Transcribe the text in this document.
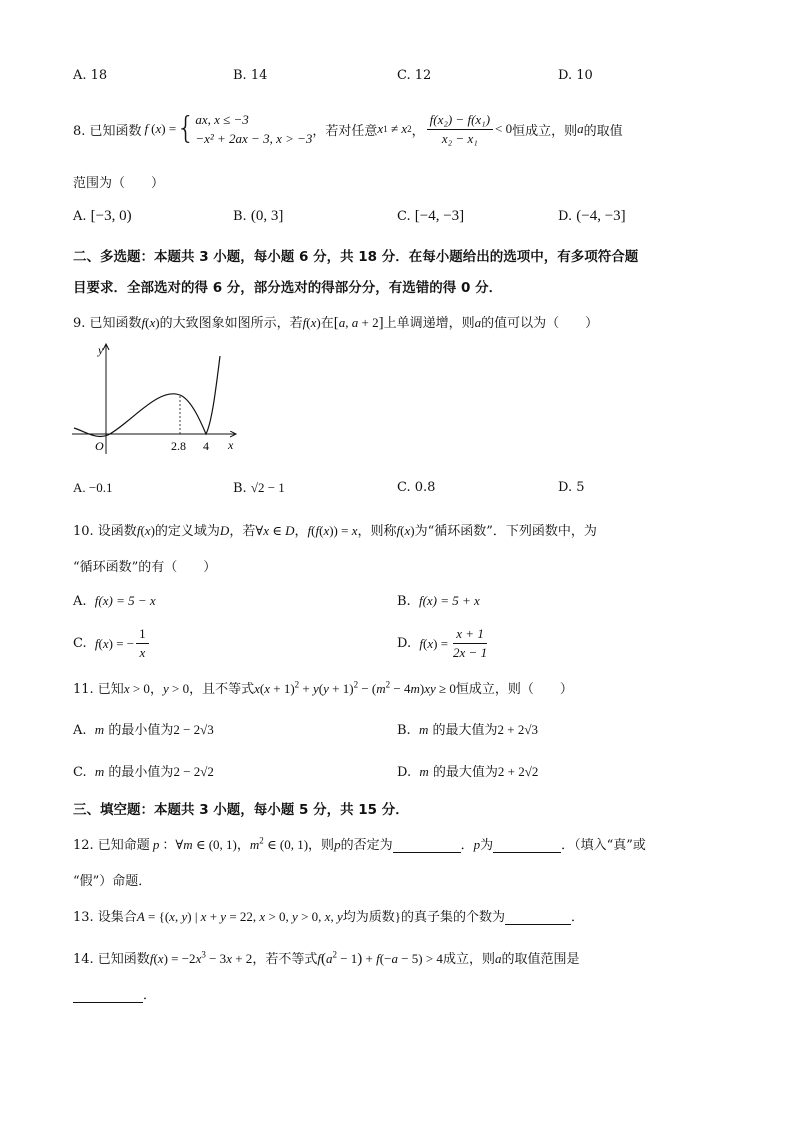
A. 18	B. 14	C. 12	D. 10
8. 已知函数 f ( x ) = { ax, x ≤ −3
−x² + 2ax − 3, x > −3 ，若对任意 x 1 ≠ x 2 ， $\frac{\text{f(x₂) − f(x₁)}}{\text{x₂ − x₁}} < 0$ 恒成立，则 a 的取值
范围为（　　）
A. [−3, 0)	B. (0, 3]	C. [−4, −3]	D. (−4, −3]
二、多选题：本题共 3 小题，每小题 6 分，共 18 分．在每小题给出的选项中，有多项符合题
目要求．全部选对的得 6 分，部分选对的得部分分，有选错的得 0 分．
9. 已知函数f(x)的大致图象如图所示，若f(x)在[a, a + 2]上单调递增，则a的值可以为（　　）
y
x
O	2.8 4
A. −0.1	B. √2 − 1	C. 0.8	D. 5
10. 设函数f(x)的定义域为D，若∀x ∈ D，f(f(x)) = x，则称f(x)为“循环函数”．下列函数中，为
“循环函数”的有（　　）
A. f(x) = 5 − x	B. f(x) = 5 + x
C.
f ( x ) = − $\frac{1}{x}$	D.
f ( x ) = $\frac{x + 1}{2x - 1}$
11. 已知x > 0，y > 0，且不等式$x(x + 1)^2 + y(y + 1)^2 - (m^2 - 4m)xy \ge 0$恒成立，则（　　）
A. m 的最小值为2 − 2√3	B. m 的最大值为2 + 2√3
C. m 的最小值为2 − 2√2	D. m 的最大值为2 + 2√2
三、填空题：本题共 3 小题，每小题 5 分，共 15 分．
12. 已知命题 p ：∀m ∈ (0, 1)，$m^2$ ∈ (0, 1)，则p的否定为	．p为	．（填入“真”或
“假”）命题．
13. 设集合A = {(x, y) | x + y = 22, x > 0, y > 0, x, y均为质数}的真子集的个数为	．
14. 已知函数$f(x) = -2x^3 - 3x + 2$，若不等式$f(a^2 - 1) + f(-a - 5) > 4$成立，则a的取值范围是
．
